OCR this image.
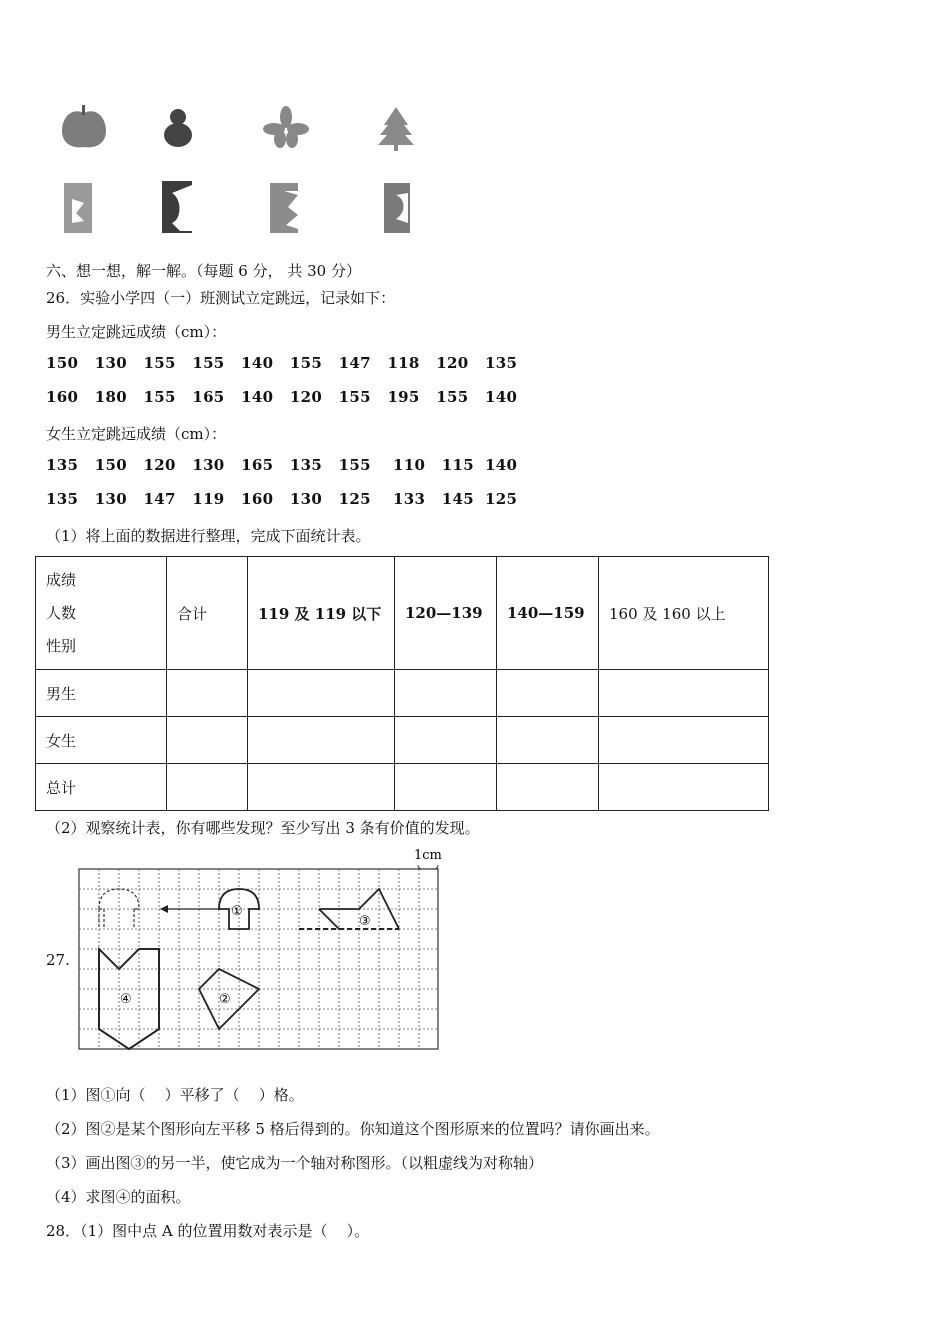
六、想一想，解一解。（每题 6 分， 共 30 分）
26．实验小学四（一）班测试立定跳远，记录如下：
男生立定跳远成绩（cm）：
150   130   155   155   140   155   147   118   120   135
160   180   155   165   140   120   155   195   155   140
女生立定跳远成绩（cm）：
135   150   120   130   165   135   155    110   115  140
135   130   147   119   160   130   125    133   145  125
（1）将上面的数据进行整理，完成下面统计表。
成绩
人数
性别	合计	119 及 119 以下	120—139	140—159	160 及 160 以上
男生					
女生					
总计					
（2）观察统计表，你有哪些发现？至少写出 3 条有价值的发现。
27.
1cm
①
③
④	②
（1）图①向（    ）平移了（    ）格。
（2）图②是某个图形向左平移 5 格后得到的。你知道这个图形原来的位置吗？请你画出来。
（3）画出图③的另一半，使它成为一个轴对称图形。（以粗虚线为对称轴）
（4）求图④的面积。
28．（1）图中点 A 的位置用数对表示是（    ）。
